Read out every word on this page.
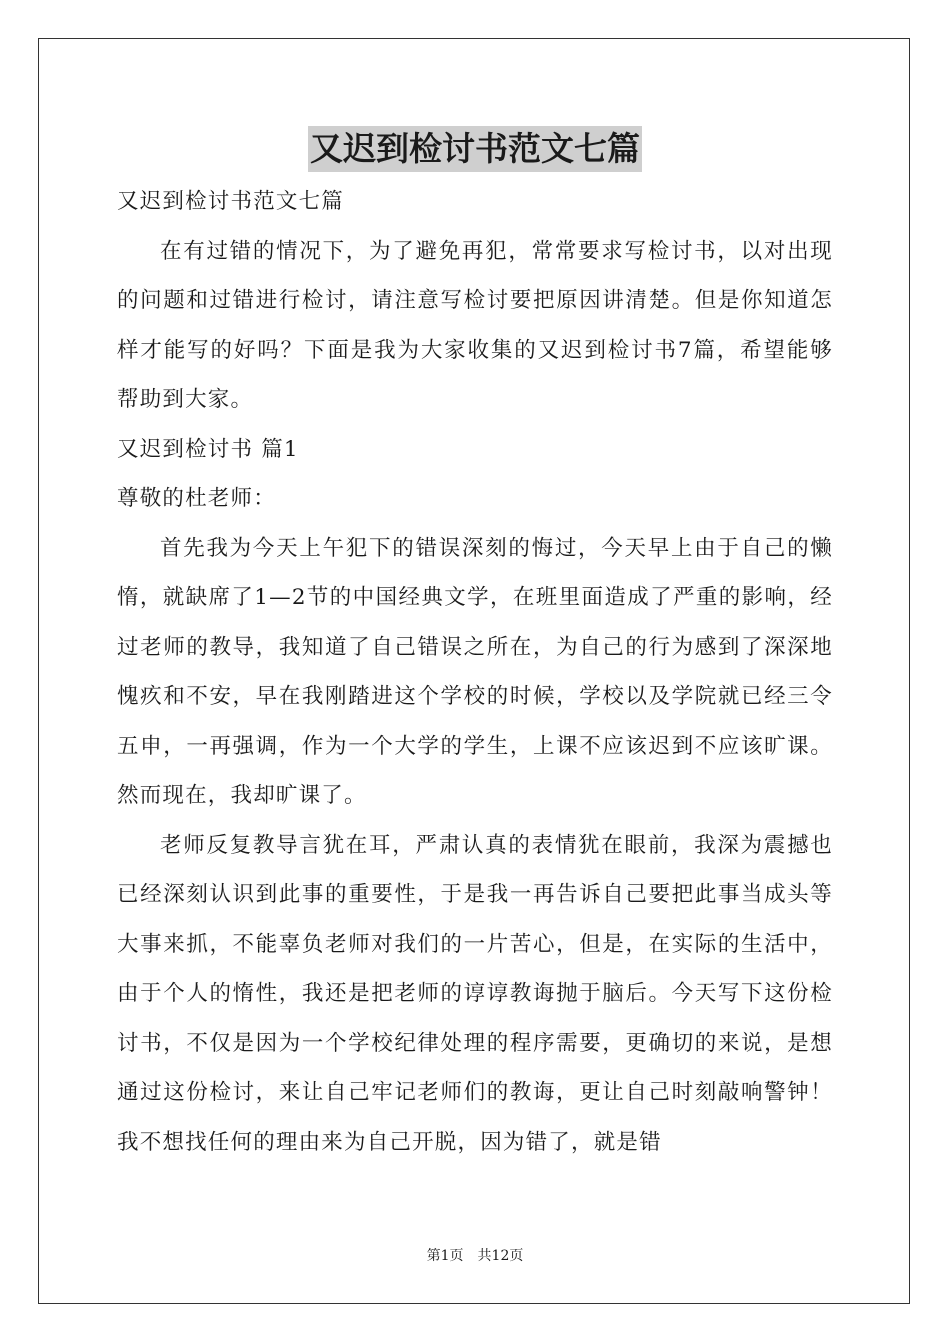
又迟到检讨书范文七篇

又迟到检讨书范文七篇

在有过错的情况下，为了避免再犯，常常要求写检讨书，以对出现的问题和过错进行检讨，请注意写检讨要把原因讲清楚。但是你知道怎样才能写的好吗？下面是我为大家收集的又迟到检讨书7篇，希望能够帮助到大家。

又迟到检讨书 篇1

尊敬的杜老师：

首先我为今天上午犯下的错误深刻的悔过，今天早上由于自己的懒惰，就缺席了1—2节的中国经典文学，在班里面造成了严重的影响，经过老师的教导，我知道了自己错误之所在，为自己的行为感到了深深地愧疚和不安，早在我刚踏进这个学校的时候，学校以及学院就已经三令五申，一再强调，作为一个大学的学生，上课不应该迟到不应该旷课。然而现在，我却旷课了。

老师反复教导言犹在耳，严肃认真的表情犹在眼前，我深为震撼也已经深刻认识到此事的重要性，于是我一再告诉自己要把此事当成头等大事来抓，不能辜负老师对我们的一片苦心，但是，在实际的生活中，由于个人的惰性，我还是把老师的谆谆教诲抛于脑后。今天写下这份检讨书，不仅是因为一个学校纪律处理的程序需要，更确切的来说，是想通过这份检讨，来让自己牢记老师们的教诲，更让自己时刻敲响警钟！我不想找任何的理由来为自己开脱，因为错了，就是错

第1页 共12页
